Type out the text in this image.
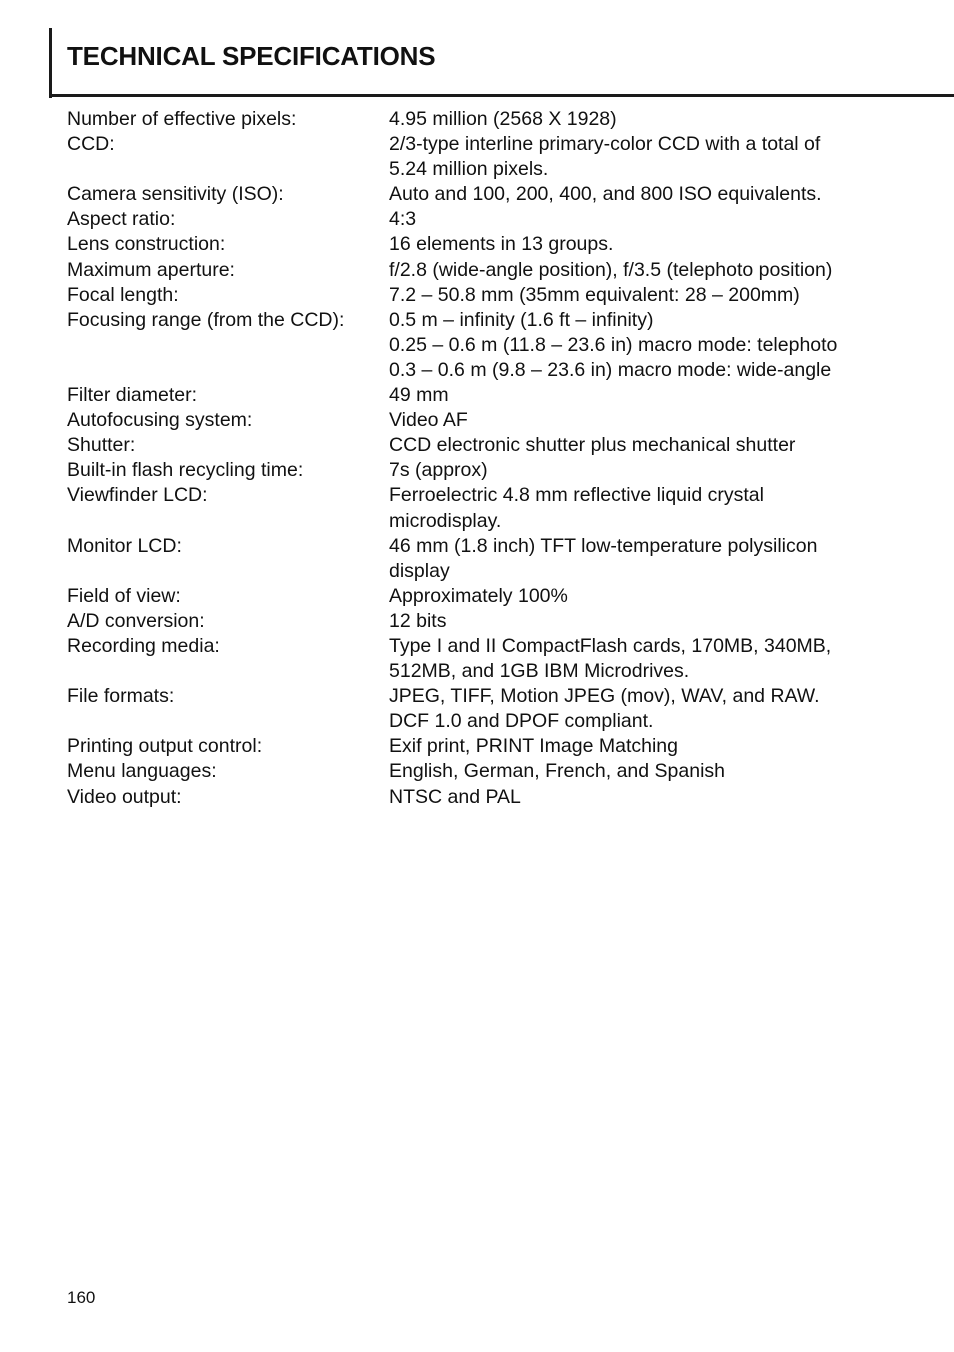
TECHNICAL SPECIFICATIONS
Number of effective pixels:	4.95 million (2568 X 1928)
CCD:	2/3-type interline primary-color CCD with a total of
5.24 million pixels.
Camera sensitivity (ISO):	Auto and 100, 200, 400, and 800 ISO equivalents.
Aspect ratio:	4:3
Lens construction:	16 elements in 13 groups.
Maximum aperture:	f/2.8 (wide-angle position), f/3.5 (telephoto position)
Focal length:	7.2 – 50.8 mm (35mm equivalent: 28 – 200mm)
Focusing range (from the CCD):	0.5 m – infinity (1.6 ft – infinity)
0.25 – 0.6 m (11.8 – 23.6 in) macro mode: telephoto
0.3 – 0.6 m (9.8 – 23.6 in) macro mode: wide-angle
Filter diameter:	49 mm
Autofocusing system:	Video AF
Shutter:	CCD electronic shutter plus mechanical shutter
Built-in flash recycling time:	7s (approx)
Viewfinder LCD:	Ferroelectric 4.8 mm reflective liquid crystal
microdisplay.
Monitor LCD:	46 mm (1.8 inch) TFT low-temperature polysilicon
display
Field of view:	Approximately 100%
A/D conversion:	12 bits
Recording media:	Type I and II CompactFlash cards, 170MB, 340MB,
512MB, and 1GB IBM Microdrives.
File formats:	JPEG, TIFF, Motion JPEG (mov), WAV, and RAW.
DCF 1.0 and DPOF compliant.
Printing output control:	Exif print, PRINT Image Matching
Menu languages:	English, German, French, and Spanish
Video output:	NTSC and PAL
160
